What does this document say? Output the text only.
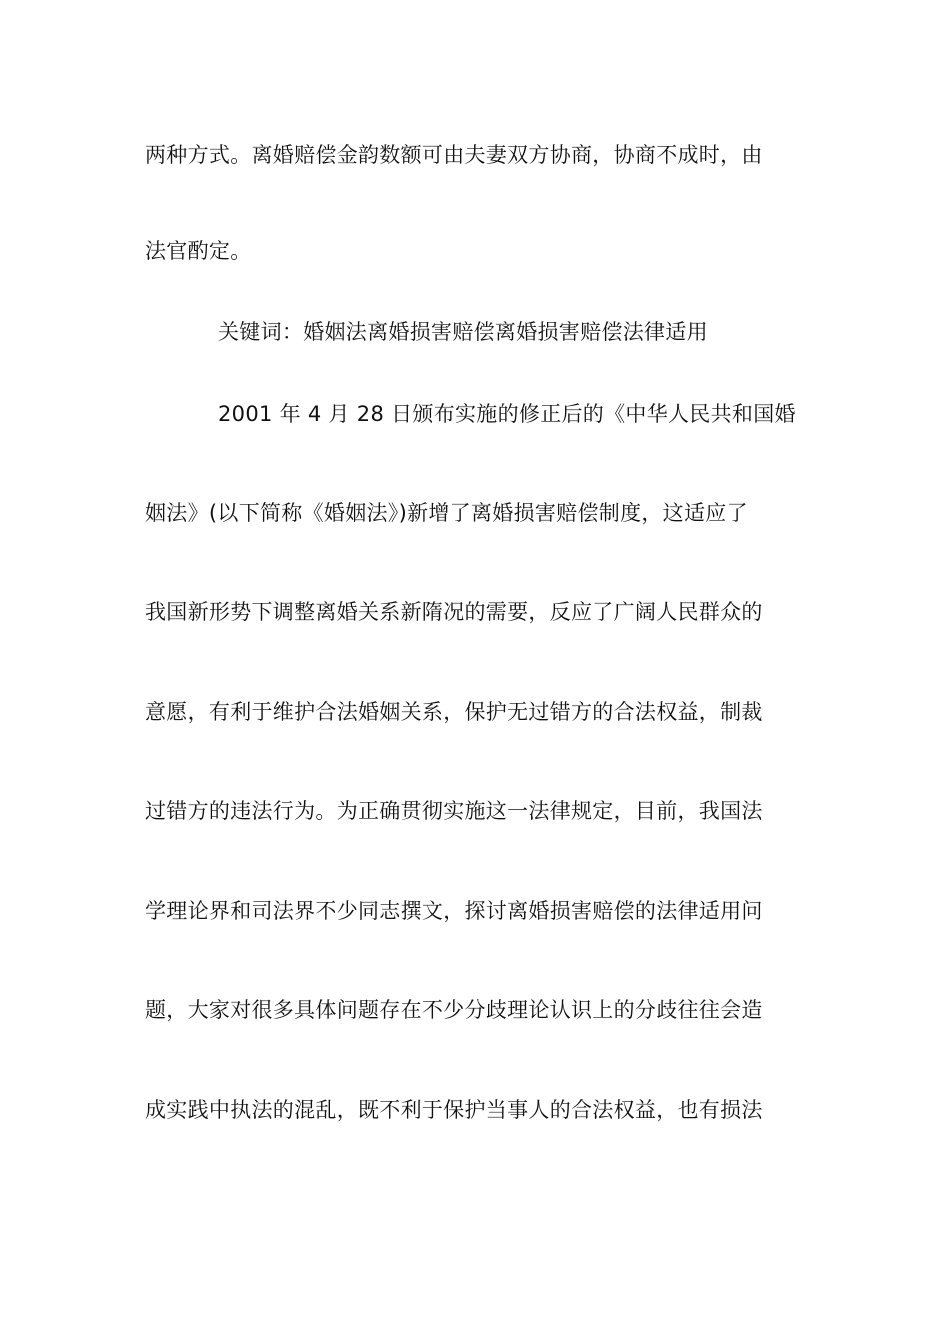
两种方式。离婚赔偿金韵数额可由夫妻双方协商，协商不成时，由
法官酌定。
关键词：婚姻法离婚损害赔偿离婚损害赔偿法律适用
2001 年 4 月 28 日颁布实施的修正后的《中华人民共和国婚
姻法》(以下简称《婚姻法》)新增了离婚损害赔偿制度，这适应了
我国新形势下调整离婚关系新隋况的需要，反应了广阔人民群众的
意愿，有利于维护合法婚姻关系，保护无过错方的合法权益，制裁
过错方的违法行为。为正确贯彻实施这一法律规定，目前，我国法
学理论界和司法界不少同志撰文，探讨离婚损害赔偿的法律适用问
题，大家对很多具体问题存在不少分歧理论认识上的分歧往往会造
成实践中执法的混乱，既不利于保护当事人的合法权益，也有损法
